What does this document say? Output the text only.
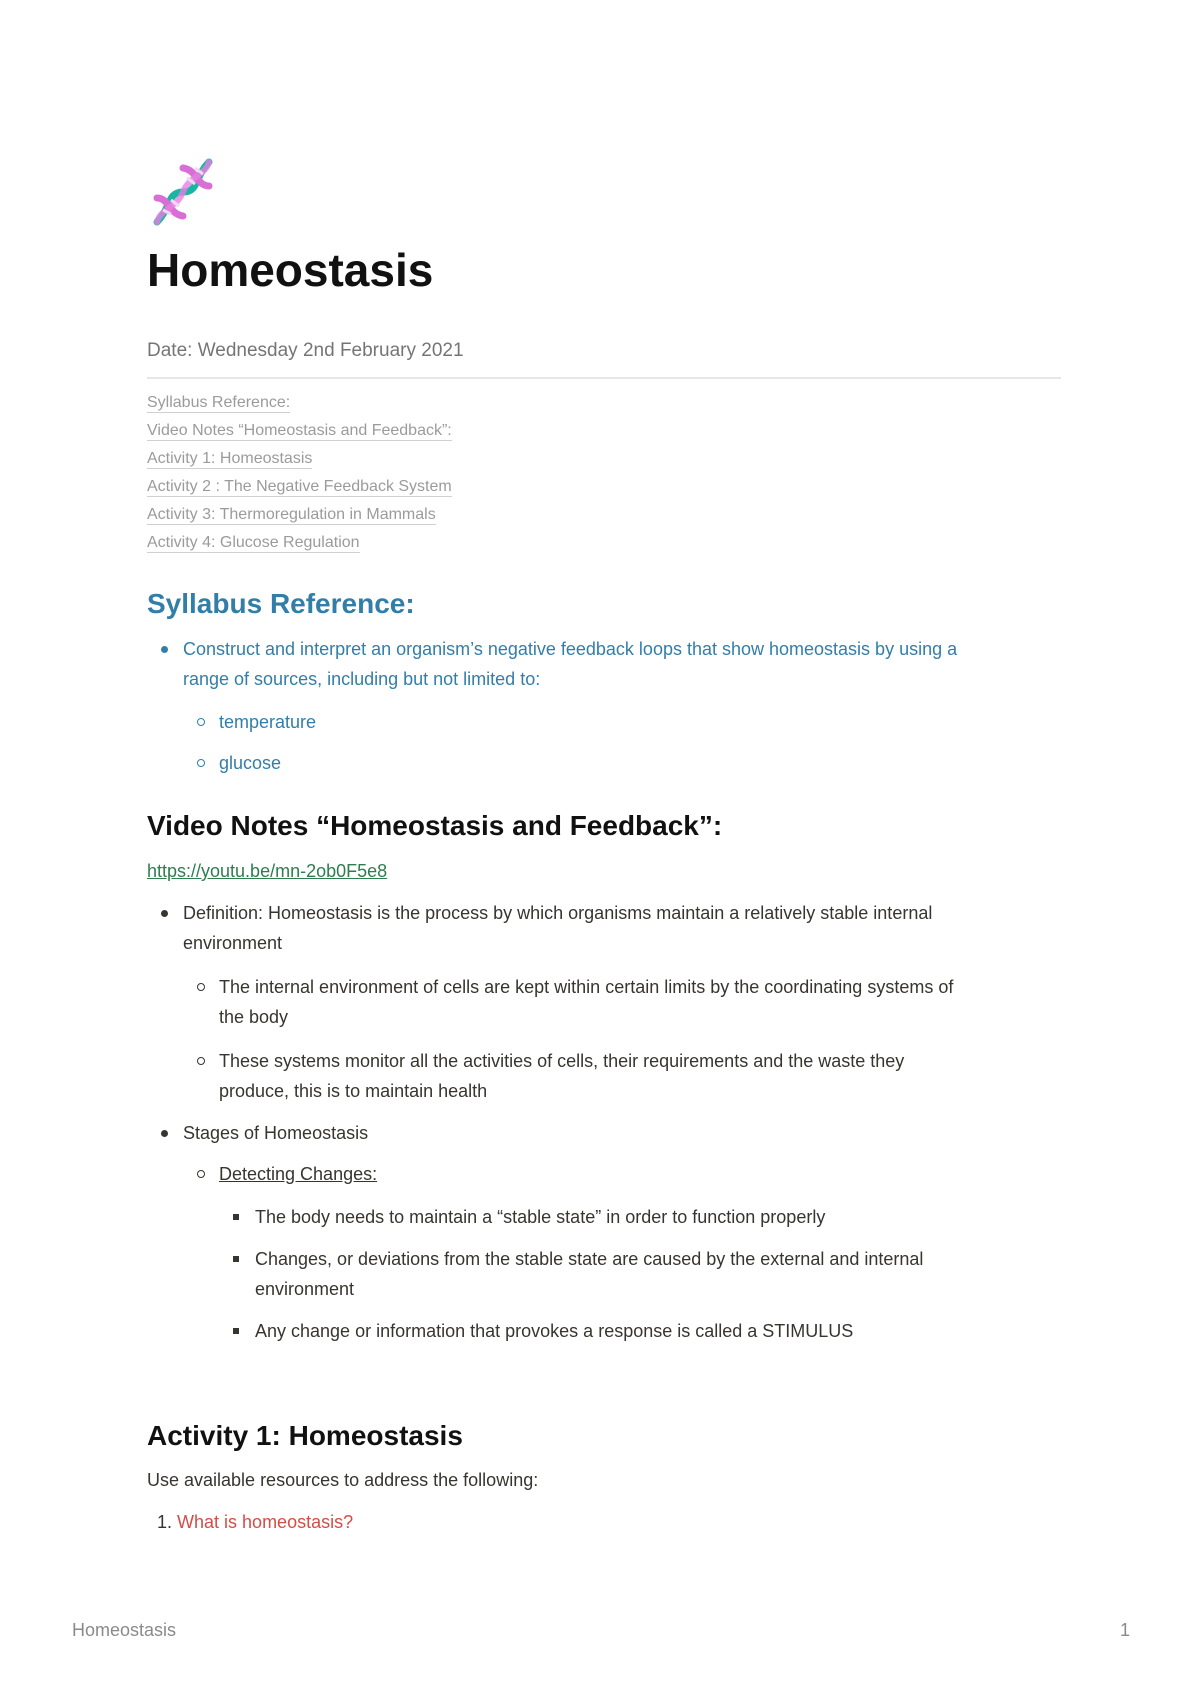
Homeostasis
Date: Wednesday 2nd February 2021
Syllabus Reference:
Video Notes “Homeostasis and Feedback”:
Activity 1: Homeostasis
Activity 2 : The Negative Feedback System
Activity 3: Thermoregulation in Mammals
Activity 4: Glucose Regulation
Syllabus Reference:
Construct and interpret an organism’s negative feedback loops that show homeostasis by using a
range of sources, including but not limited to:
temperature
glucose
Video Notes “Homeostasis and Feedback”:
https://youtu.be/mn-2ob0F5e8
Definition: Homeostasis is the process by which organisms maintain a relatively stable internal
environment
The internal environment of cells are kept within certain limits by the coordinating systems of
the body
These systems monitor all the activities of cells, their requirements and the waste they
produce, this is to maintain health
Stages of Homeostasis
Detecting Changes:
The body needs to maintain a “stable state” in order to function properly
Changes, or deviations from the stable state are caused by the external and internal
environment
Any change or information that provokes a response is called a STIMULUS
Activity 1: Homeostasis

Use available resources to address the following:

1. What is homeostasis?
Homeostasis	1
